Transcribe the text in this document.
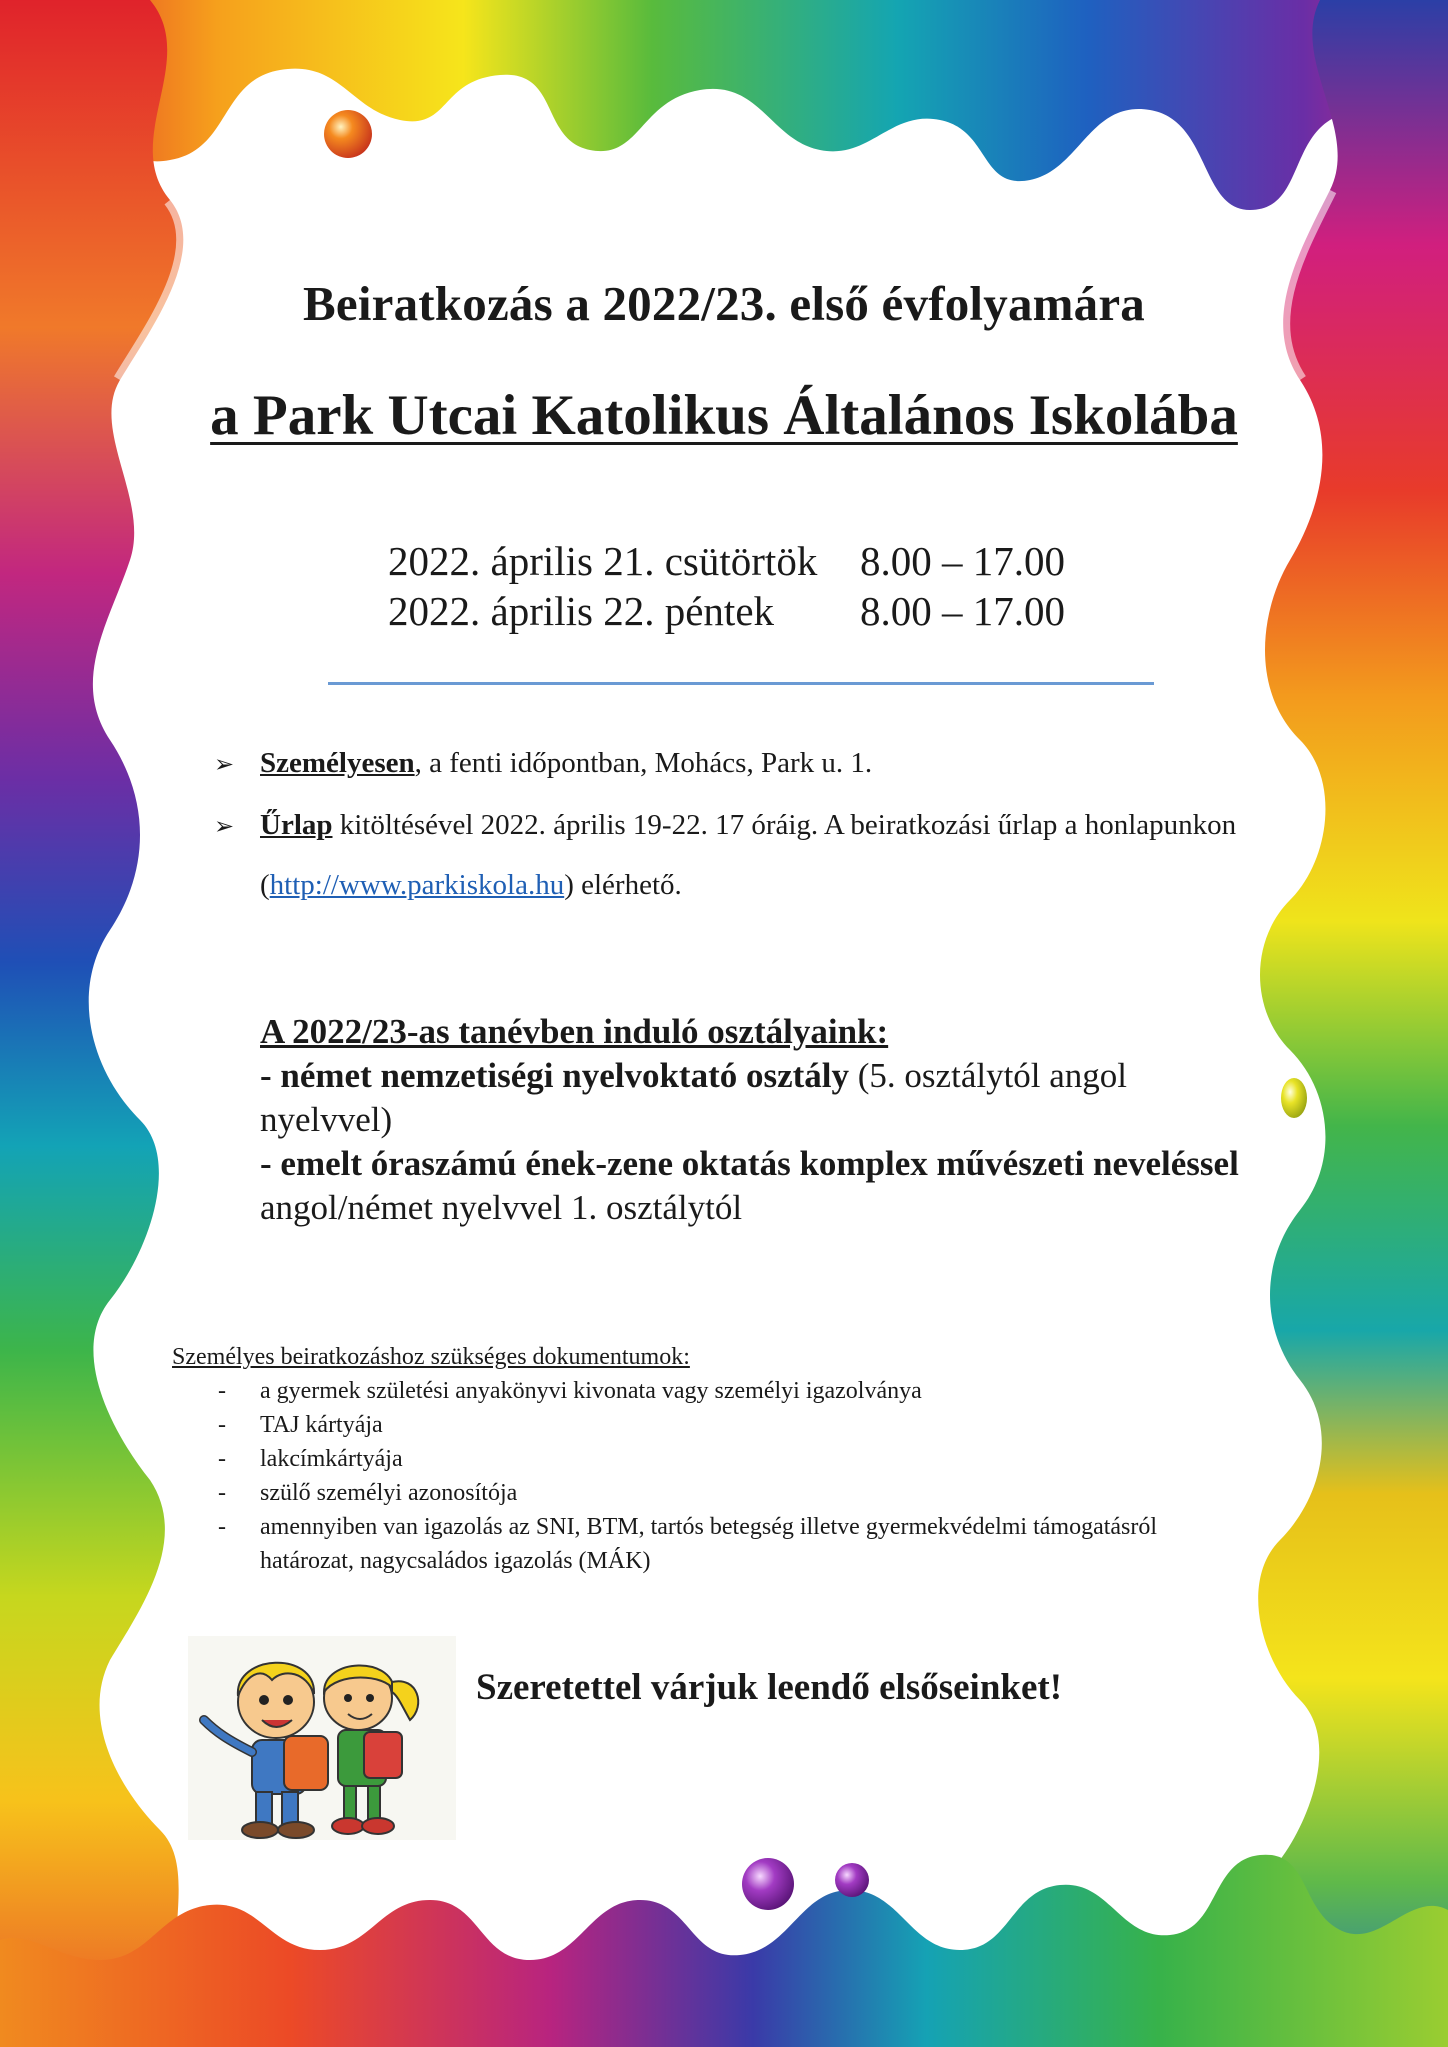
Beiratkozás a 2022/23. első évfolyamára
a Park Utcai Katolikus Általános Iskolába
2022. április 21. csütörtök	8.00 – 17.00
2022. április 22. péntek	8.00 – 17.00
➢ Személyesen, a fenti időpontban, Mohács, Park u. 1.
➢ Űrlap kitöltésével 2022. április 19-22. 17 óráig. A beiratkozási űrlap a honlapunkon (http://www.parkiskola.hu) elérhető.
A 2022/23-as tanévben induló osztályaink:
- német nemzetiségi nyelvoktató osztály (5. osztálytól angol nyelvvel)
- emelt óraszámú ének-zene oktatás komplex művészeti neveléssel angol/német nyelvvel 1. osztálytól
Személyes beiratkozáshoz szükséges dokumentumok:
-	a gyermek születési anyakönyvi kivonata vagy személyi igazolványa
-	TAJ kártyája
-	lakcímkártyája
-	szülő személyi azonosítója
-	amennyiben van igazolás az SNI, BTM, tartós betegség illetve gyermekvédelmi támogatásról határozat, nagycsaládos igazolás (MÁK)
Szeretettel várjuk leendő elsőseinket!
